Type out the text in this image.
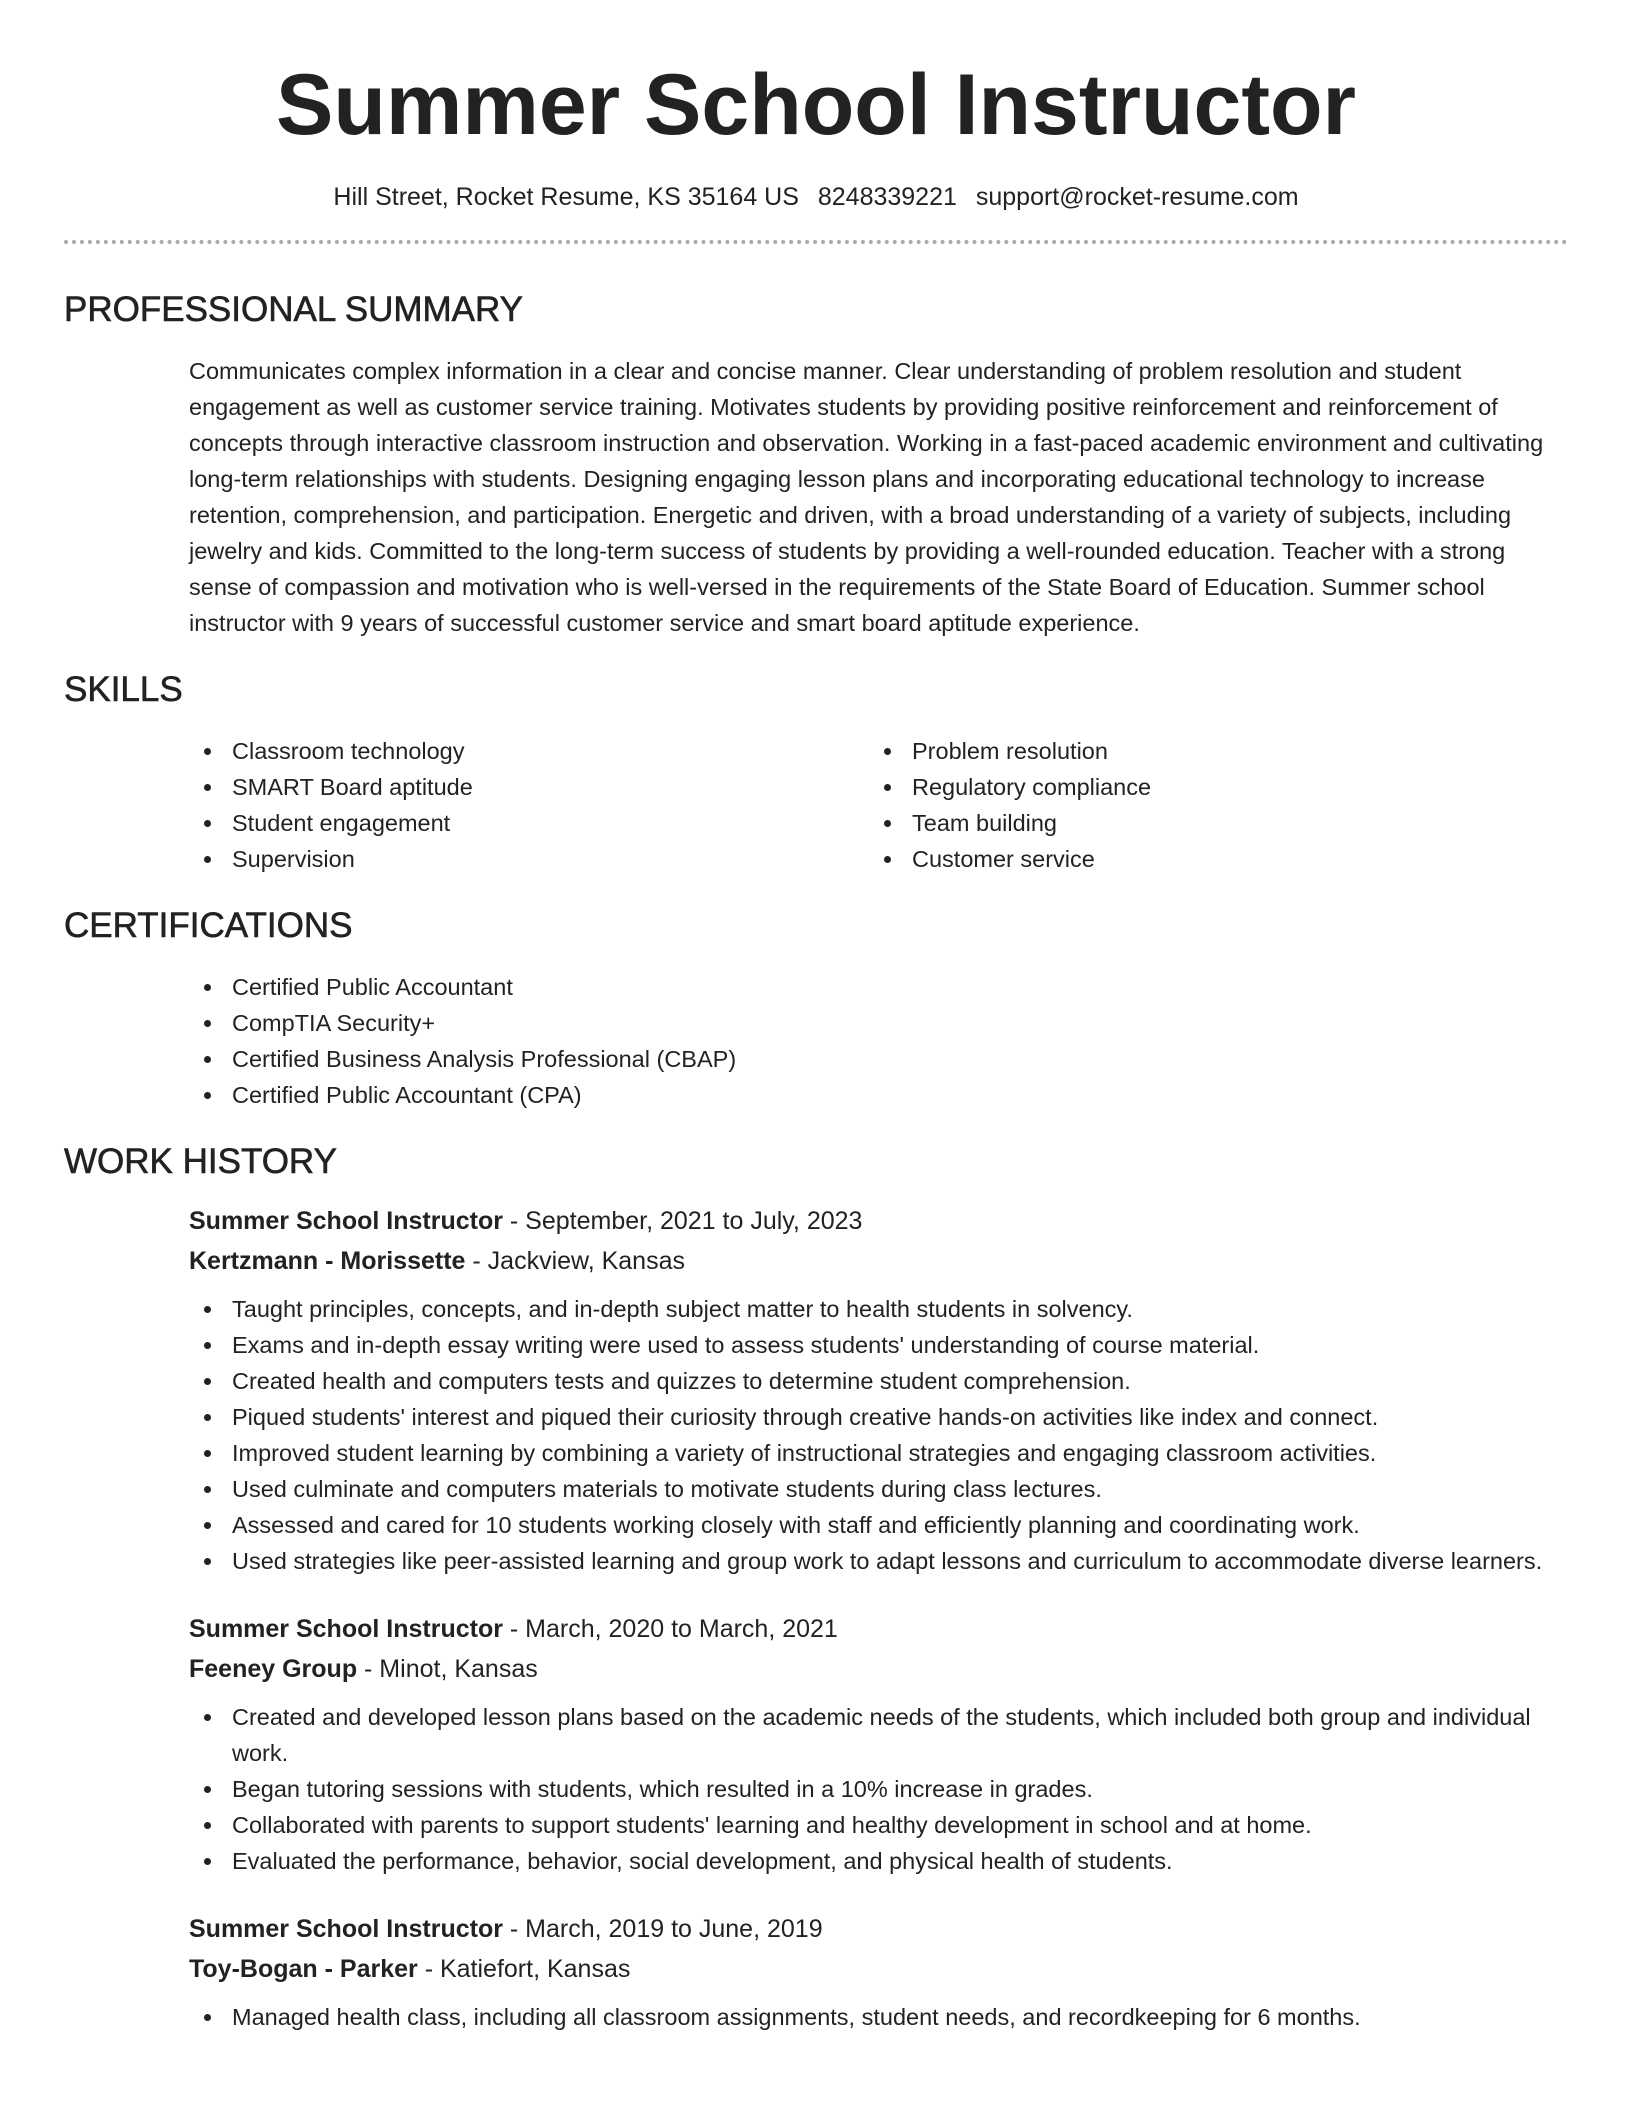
Summer School Instructor
Hill Street, Rocket Resume, KS 35164 US 8248339221 support@rocket-resume.com
PROFESSIONAL SUMMARY

Communicates complex information in a clear and concise manner. Clear understanding of problem resolution and student engagement as well as customer service training. Motivates students by providing positive reinforcement and reinforcement of concepts through interactive classroom instruction and observation. Working in a fast-paced academic environment and cultivating long-term relationships with students. Designing engaging lesson plans and incorporating educational technology to increase retention, comprehension, and participation. Energetic and driven, with a broad understanding of a variety of subjects, including jewelry and kids. Committed to the long-term success of students by providing a well-rounded education. Teacher with a strong sense of compassion and motivation who is well-versed in the requirements of the State Board of Education. Summer school instructor with 9 years of successful customer service and smart board aptitude experience.

SKILLS
Classroom technology
SMART Board aptitude
Student engagement
Supervision
Problem resolution
Regulatory compliance
Team building
Customer service
CERTIFICATIONS
Certified Public Accountant
CompTIA Security+
Certified Business Analysis Professional (CBAP)
Certified Public Accountant (CPA)
WORK HISTORY
Summer School Instructor - September, 2021 to July, 2023
Kertzmann - Morissette - Jackview, Kansas
Taught principles, concepts, and in-depth subject matter to health students in solvency.
Exams and in-depth essay writing were used to assess students' understanding of course material.
Created health and computers tests and quizzes to determine student comprehension.
Piqued students' interest and piqued their curiosity through creative hands-on activities like index and connect.
Improved student learning by combining a variety of instructional strategies and engaging classroom activities.
Used culminate and computers materials to motivate students during class lectures.
Assessed and cared for 10 students working closely with staff and efficiently planning and coordinating work.
Used strategies like peer-assisted learning and group work to adapt lessons and curriculum to accommodate diverse learners.
Summer School Instructor - March, 2020 to March, 2021
Feeney Group - Minot, Kansas
Created and developed lesson plans based on the academic needs of the students, which included both group and individual work.
Began tutoring sessions with students, which resulted in a 10% increase in grades.
Collaborated with parents to support students' learning and healthy development in school and at home.
Evaluated the performance, behavior, social development, and physical health of students.
Summer School Instructor - March, 2019 to June, 2019
Toy-Bogan - Parker - Katiefort, Kansas
Managed health class, including all classroom assignments, student needs, and recordkeeping for 6 months.
